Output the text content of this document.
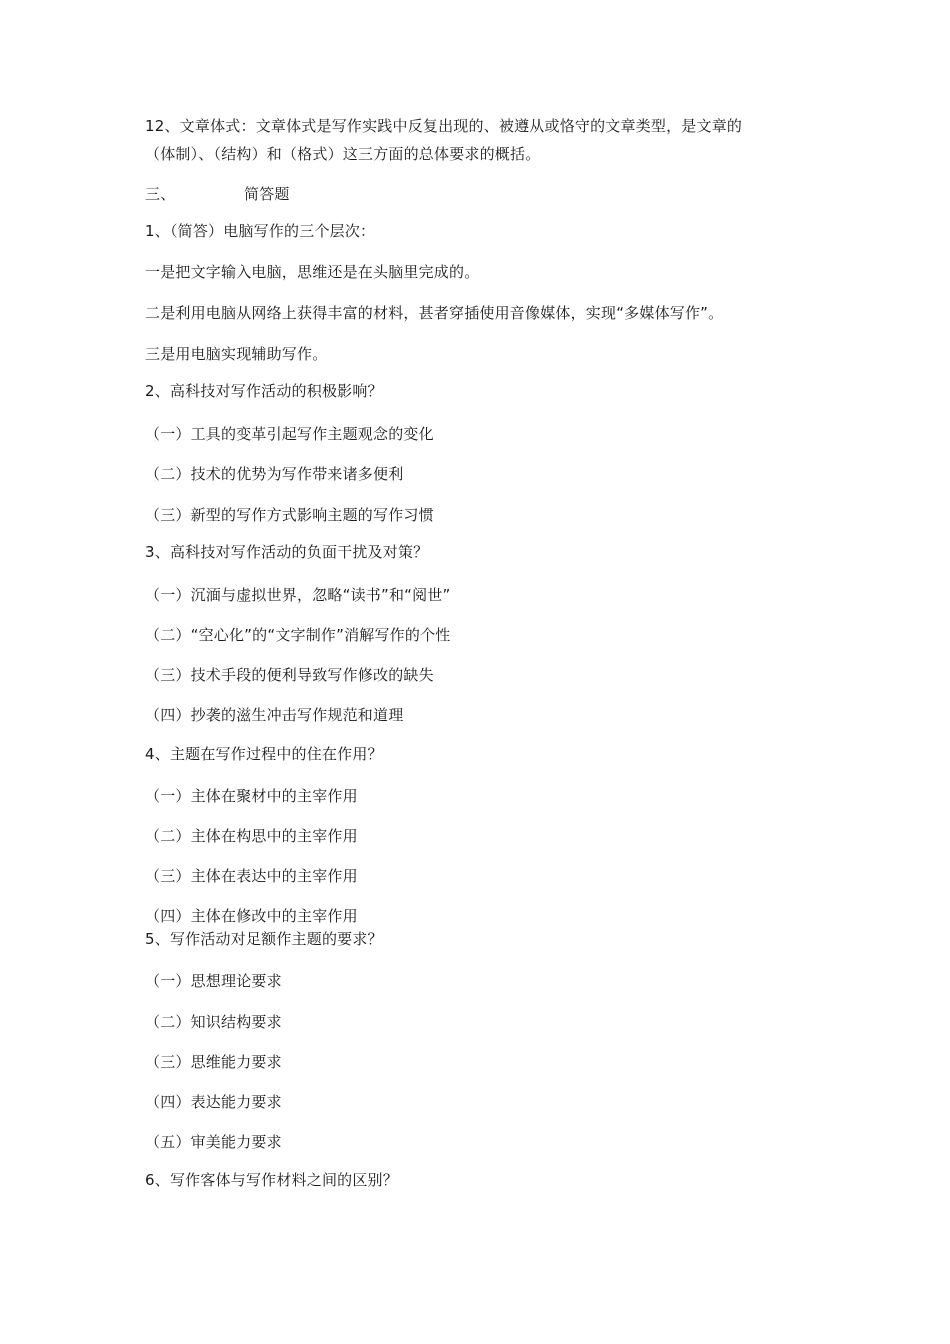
12、文章体式：文章体式是写作实践中反复出现的、被遵从或恪守的文章类型，是文章的
（体制）、（结构）和（格式）这三方面的总体要求的概括。
三、	简答题
1、（简答）电脑写作的三个层次：
一是把文字输入电脑，思维还是在头脑里完成的。
二是利用电脑从网络上获得丰富的材料，甚者穿插使用音像媒体，实现“多媒体写作”。
三是用电脑实现辅助写作。
2、高科技对写作活动的积极影响？
（一）工具的变革引起写作主题观念的变化
（二）技术的优势为写作带来诸多便利
（三）新型的写作方式影响主题的写作习惯
3、高科技对写作活动的负面干扰及对策？
（一）沉湎与虚拟世界，忽略“读书”和“阅世”
（二）“空心化”的“文字制作”消解写作的个性
（三）技术手段的便利导致写作修改的缺失
（四）抄袭的滋生冲击写作规范和道理
4、主题在写作过程中的住在作用？
（一）主体在聚材中的主宰作用
（二）主体在构思中的主宰作用
（三）主体在表达中的主宰作用
（四）主体在修改中的主宰作用
5、写作活动对足额作主题的要求？
（一）思想理论要求
（二）知识结构要求
（三）思维能力要求
（四）表达能力要求
（五）审美能力要求
6、写作客体与写作材料之间的区别？
